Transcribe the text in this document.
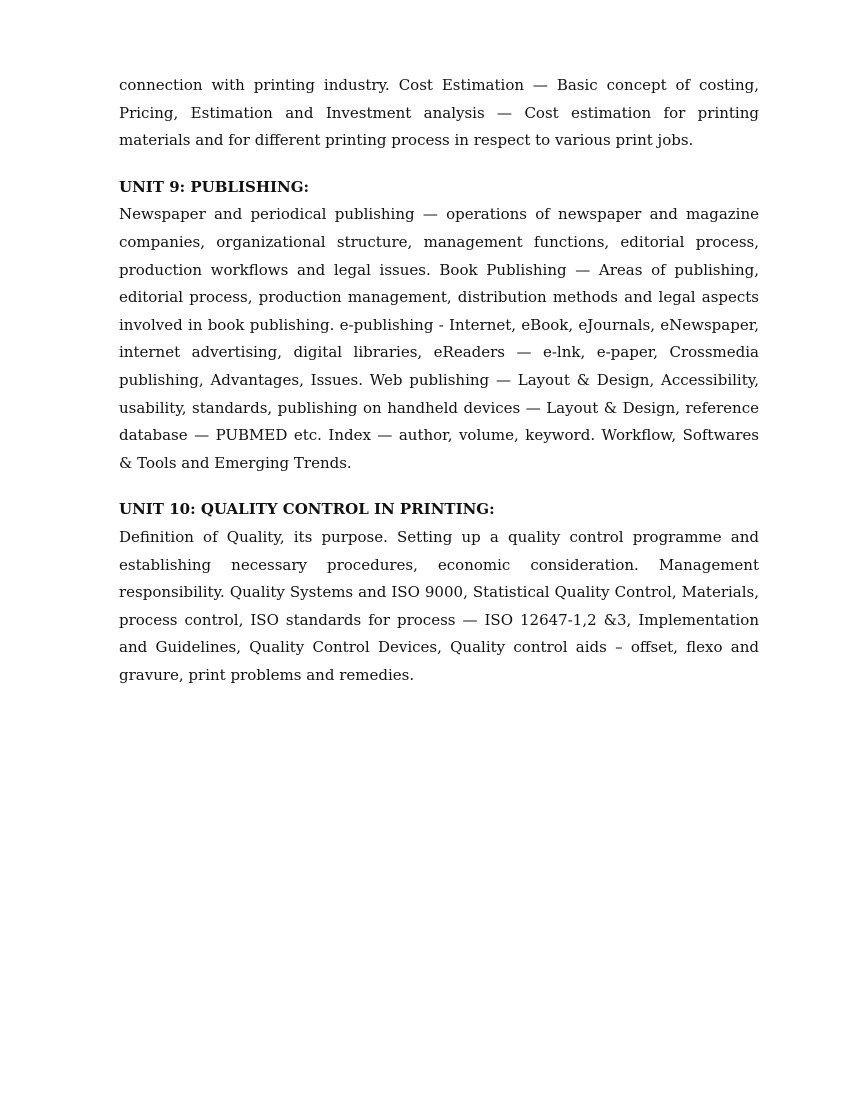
connection with printing industry. Cost Estimation — Basic concept of costing, Pricing, Estimation and Investment analysis — Cost estimation for printing materials and for different printing process in respect to various print jobs.

UNIT 9: PUBLISHING:

Newspaper and periodical publishing — operations of newspaper and magazine companies, organizational structure, management functions, editorial process, production workflows and legal issues. Book Publishing — Areas of publishing, editorial process, production management, distribution methods and legal aspects involved in book publishing. e-publishing - Internet, eBook, eJournals, eNewspaper, internet advertising, digital libraries, eReaders — e-lnk, e-paper, Crossmedia publishing, Advantages, Issues. Web publishing — Layout & Design, Accessibility, usability, standards, publishing on handheld devices — Layout & Design, reference database — PUBMED etc. Index — author, volume, keyword. Workflow, Softwares & Tools and Emerging Trends.

UNIT 10: QUALITY CONTROL IN PRINTING:

Definition of Quality, its purpose. Setting up a quality control programme and establishing necessary procedures, economic consideration. Management responsibility. Quality Systems and ISO 9000, Statistical Quality Control, Materials, process control, ISO standards for process — ISO 12647-1,2 &3, Implementation and Guidelines, Quality Control Devices, Quality control aids – offset, flexo and gravure, print problems and remedies.
